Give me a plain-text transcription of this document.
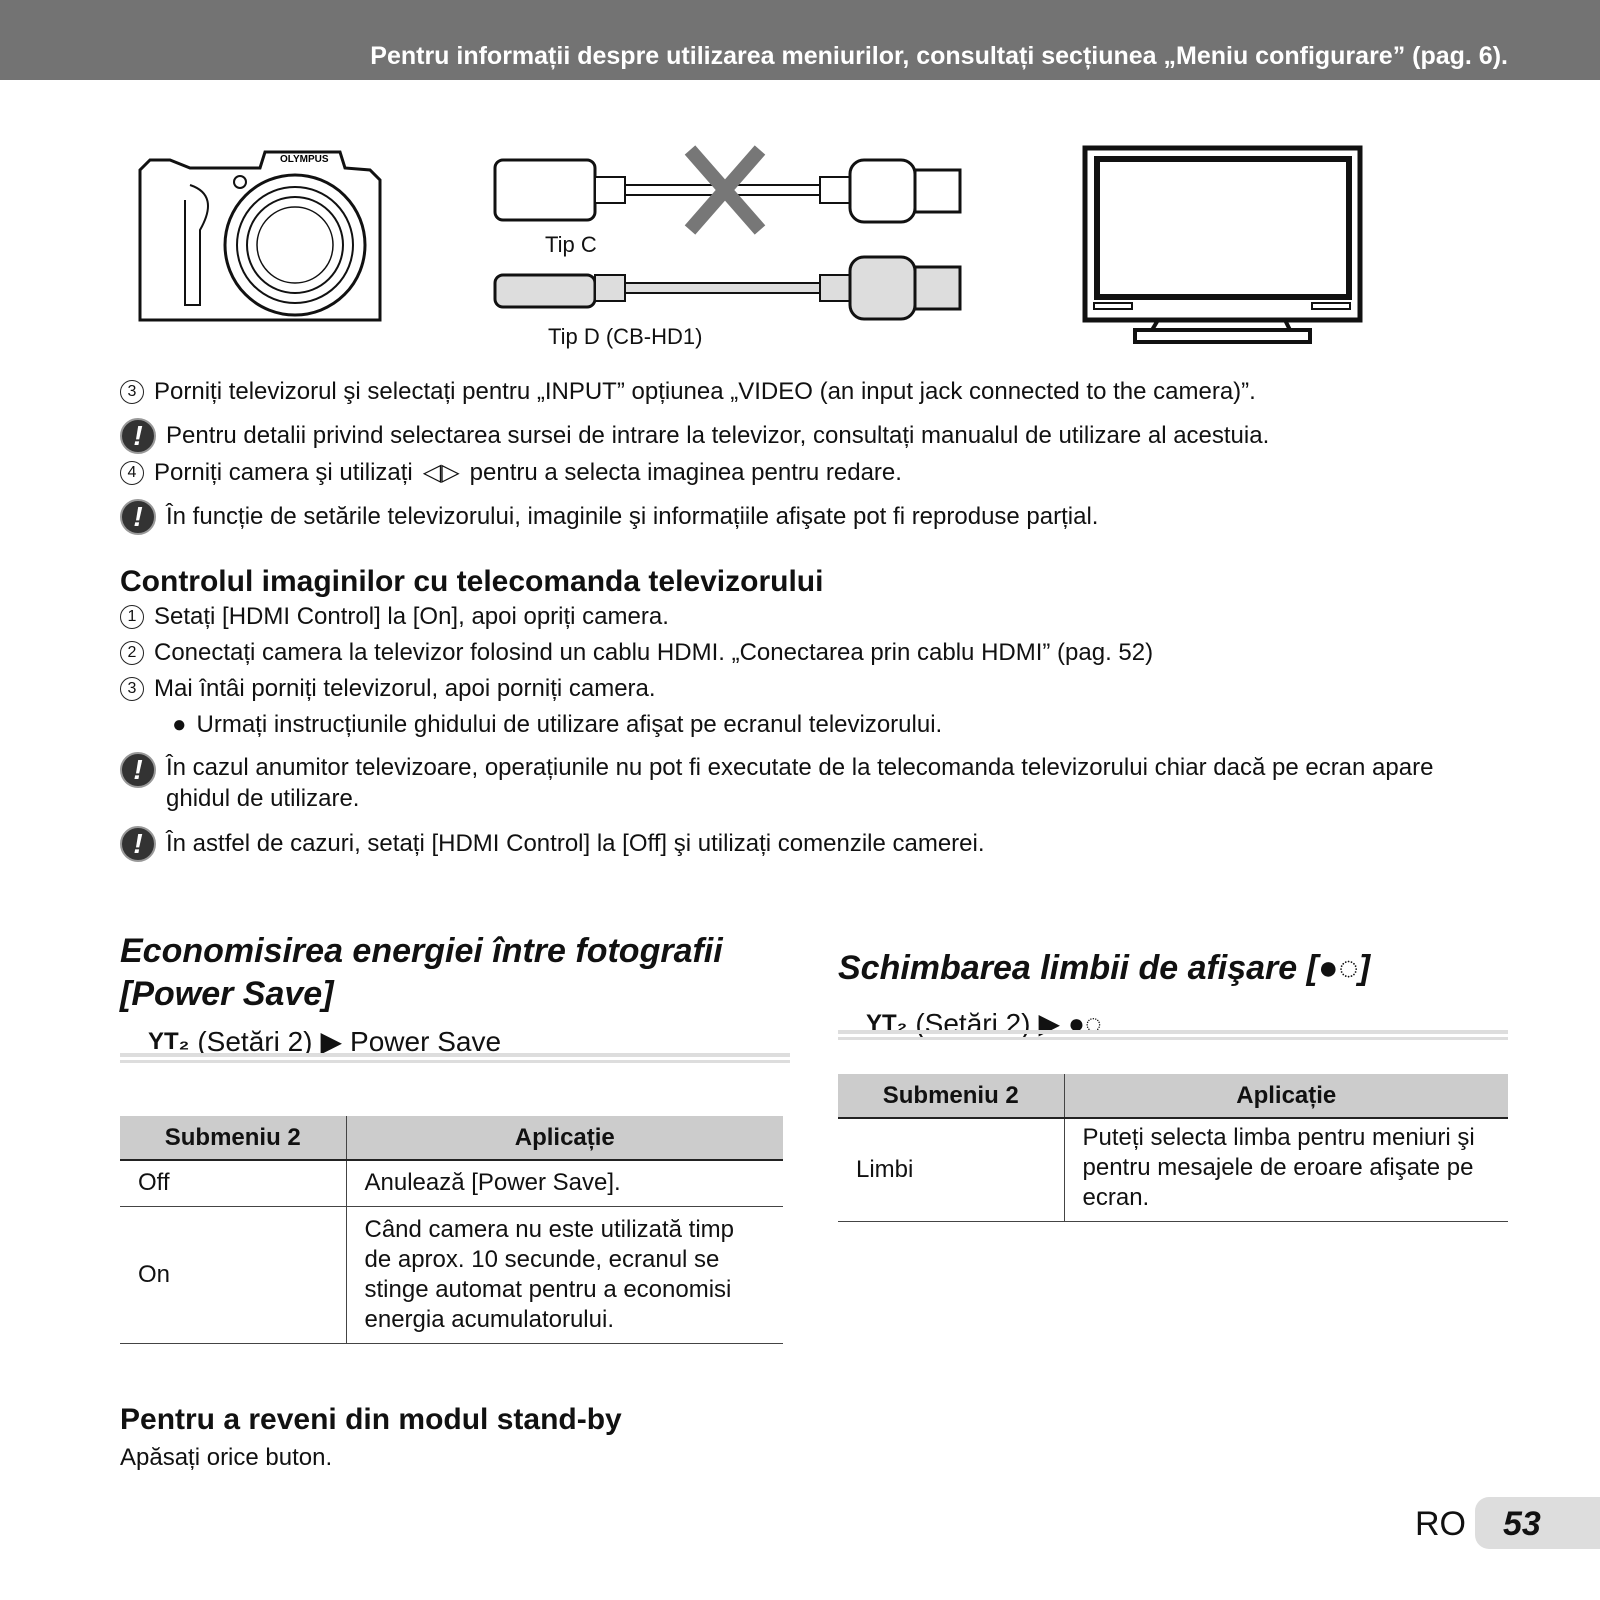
Pentru informații despre utilizarea meniurilor, consultați secțiunea „Meniu configurare” (pag. 6).
OLYMPUS
Tip C
Tip D (CB-HD1)
3 Porniți televizorul şi selectați pentru „INPUT” opțiunea „VIDEO (an input jack connected to the camera)”.
! Pentru detalii privind selectarea sursei de intrare la televizor, consultați manualul de utilizare al acestuia.
4 Porniți camera şi utilizați ◁▷ pentru a selecta imaginea pentru redare.
! În funcție de setările televizorului, imaginile şi informațiile afişate pot fi reproduse parțial.
Controlul imaginilor cu telecomanda televizorului
1 Setați [HDMI Control] la [On], apoi opriți camera.
2 Conectați camera la televizor folosind un cablu HDMI. „Conectarea prin cablu HDMI” (pag. 52)
3 Mai întâi porniți televizorul, apoi porniți camera.
● Urmați instrucțiunile ghidului de utilizare afişat pe ecranul televizorului.
! În cazul anumitor televizoare, operațiunile nu pot fi executate de la telecomanda televizorului chiar dacă pe ecran apare ghidul de utilizare.
! În astfel de cazuri, setați [HDMI Control] la [Off] şi utilizați comenzile camerei.
Economisirea energiei între fotografii [Power Save]
ΥT₂ (Setări 2) ▶ Power Save
Submeniu 2	Aplicație
Off	Anulează [Power Save].
On	Când camera nu este utilizată timp de aprox. 10 secunde, ecranul se stinge automat pentru a economisi energia acumulatorului.
Pentru a reveni din modul stand-by
Apăsați orice buton.
Schimbarea limbii de afişare [●◌]
ΥT₂ (Setări 2) ▶ ●◌
Submeniu 2	Aplicație
Limbi	Puteți selecta limba pentru meniuri şi pentru mesajele de eroare afişate pe ecran.
RO	53
